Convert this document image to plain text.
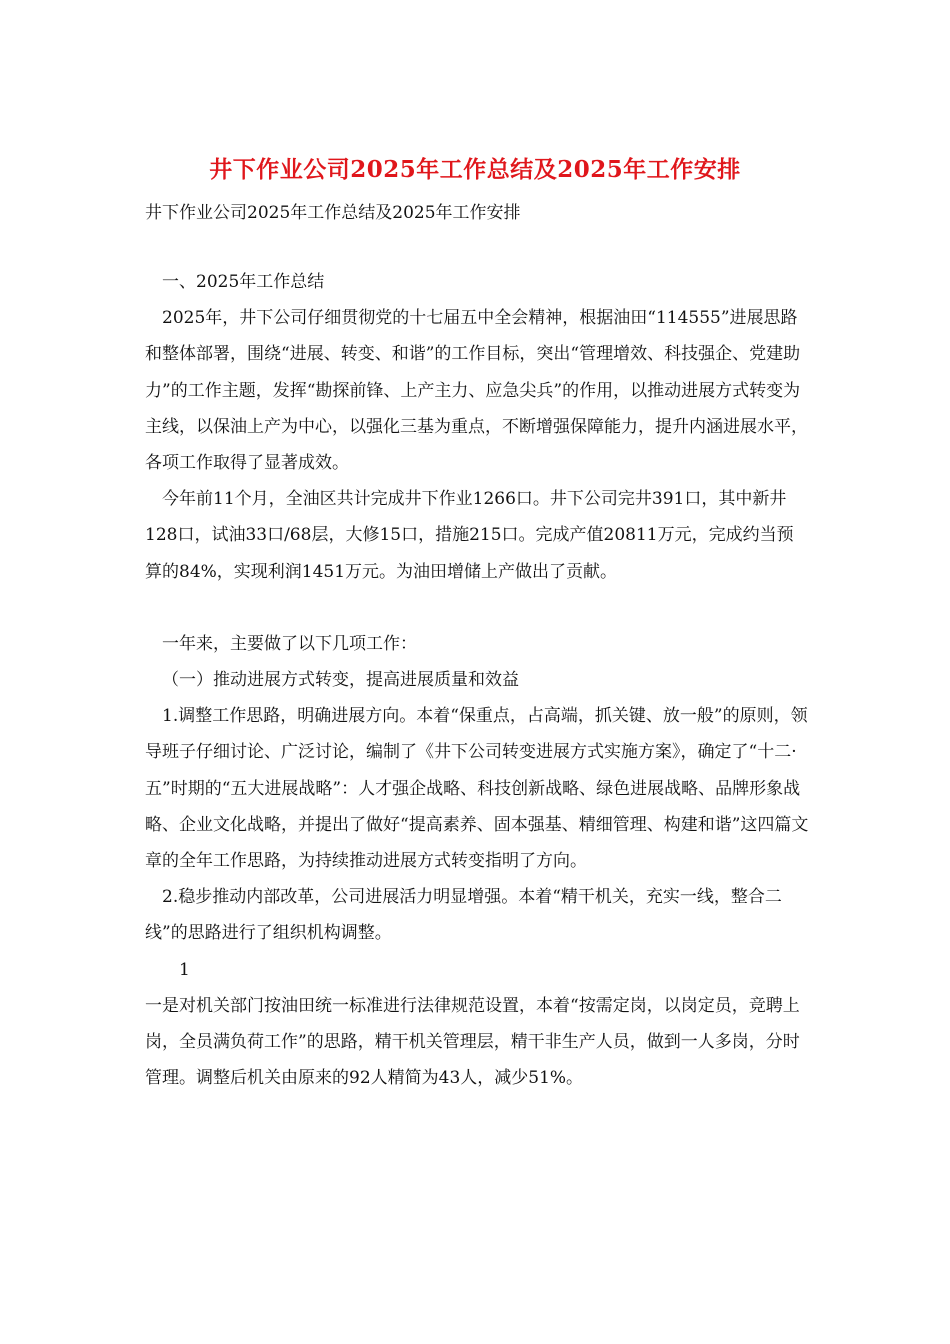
井下作业公司2025年工作总结及2025年工作安排
井下作业公司2025年工作总结及2025年工作安排

一、2025年工作总结

2025年，井下公司仔细贯彻党的十七届五中全会精神，根据油田“114555”进展思路和整体部署，围绕“进展、转变、和谐”的工作目标，突出“管理增效、科技强企、党建助力”的工作主题，发挥“勘探前锋、上产主力、应急尖兵”的作用，以推动进展方式转变为主线，以保油上产为中心，以强化三基为重点，不断增强保障能力，提升内涵进展水平，各项工作取得了显著成效。

今年前11个月，全油区共计完成井下作业1266口。井下公司完井391口，其中新井128口，试油33口/68层，大修15口，措施215口。完成产值20811万元，完成约当预算的84%，实现利润1451万元。为油田增储上产做出了贡献。

一年来，主要做了以下几项工作：

（一）推动进展方式转变，提高进展质量和效益

1.调整工作思路，明确进展方向。本着“保重点，占高端，抓关键、放一般”的原则，领导班子仔细讨论、广泛讨论，编制了《井下公司转变进展方式实施方案》，确定了“十二·五”时期的“五大进展战略”：人才强企战略、科技创新战略、绿色进展战略、品牌形象战略、企业文化战略，并提出了做好“提高素养、固本强基、精细管理、构建和谐”这四篇文章的全年工作思路，为持续推动进展方式转变指明了方向。

2.稳步推动内部改革，公司进展活力明显增强。本着“精干机关，充实一线，整合二线”的思路进行了组织机构调整。

1

一是对机关部门按油田统一标准进行法律规范设置，本着“按需定岗，以岗定员，竞聘上岗，全员满负荷工作”的思路，精干机关管理层，精干非生产人员，做到一人多岗，分时管理。调整后机关由原来的92人精简为43人，减少51%。
